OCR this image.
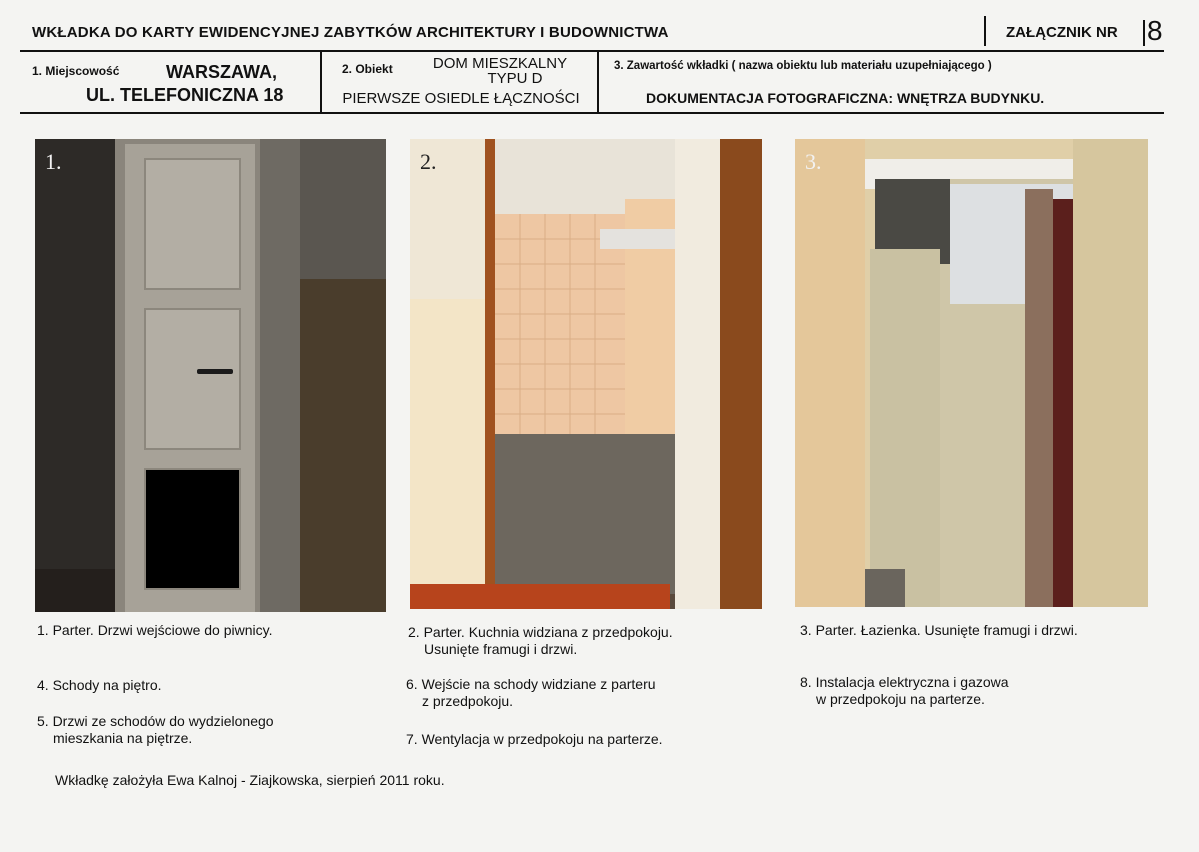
WKŁADKA DO KARTY EWIDENCYJNEJ ZABYTKÓW ARCHITEKTURY I BUDOWNICTWA	ZAŁĄCZNIK NR 8
1. Miejscowość	WARSZAWA,
UL. TELEFONICZNA 18
2. Obiekt	DOM MIESZKALNY
TYPU D
PIERWSZE OSIEDLE ŁĄCZNOŚCI
3. Zawartość wkładki ( nazwa obiektu lub materiału uzupełniającego )
DOKUMENTACJA FOTOGRAFICZNA: WNĘTRZA BUDYNKU.
1.	2.	3.
1. Parter. Drzwi wejściowe do piwnicy.
4. Schody na piętro.
5. Drzwi ze schodów do wydzielonego
mieszkania na piętrze.
2. Parter. Kuchnia widziana z przedpokoju.
Usunięte framugi i drzwi.
6. Wejście na schody widziane z parteru
z przedpokoju.
7. Wentylacja w przedpokoju na parterze.
3. Parter. Łazienka. Usunięte framugi i drzwi.
8. Instalacja elektryczna i gazowa
w przedpokoju na parterze.
Wkładkę założyła Ewa Kalnoj - Ziajkowska, sierpień 2011 roku.
